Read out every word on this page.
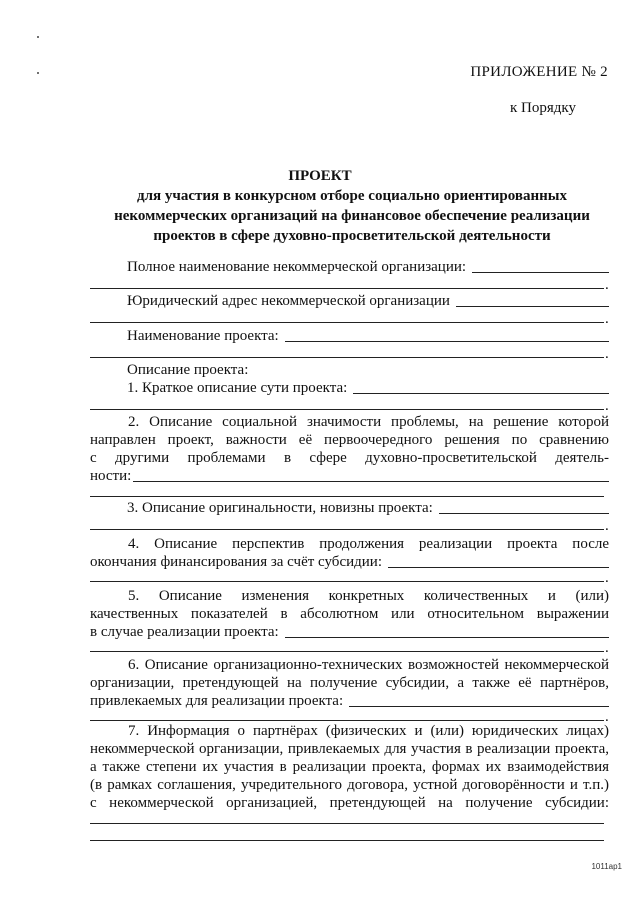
ПРИЛОЖЕНИЕ № 2
к Порядку
ПРОЕКТ
для участия в конкурсном отборе социально ориентированных
некоммерческих организаций на финансовое обеспечение реализации
проектов в сфере духовно-просветительской деятельности
Полное наименование некоммерческой организации:
.
Юридический адрес некоммерческой организации
.
Наименование проекта:
.
Описание проекта:
1. Краткое описание сути проекта:
.
2. Описание социальной значимости проблемы, на решение которой
направлен проект, важности её первоочередного решения по сравнению
с другими проблемами в сфере духовно-просветительской деятель-
ности:
3. Описание оригинальности, новизны проекта:
.
4. Описание перспектив продолжения реализации проекта после
окончания финансирования за счёт субсидии:
.
5. Описание изменения конкретных количественных и (или)
качественных показателей в абсолютном или относительном выражении
в случае реализации проекта:
.
6. Описание организационно-технических возможностей некоммерческой
организации, претендующей на получение субсидии, а также её партнёров,
привлекаемых для реализации проекта:
.
7. Информация о партнёрах (физических и (или) юридических лицах)
некоммерческой организации, привлекаемых для участия в реализации проекта,
а также степени их участия в реализации проекта, формах их взаимодействия
(в рамках соглашения, учредительного договора, устной договорённости и т.п.)
с некоммерческой организацией, претендующей на получение субсидии:
1011ap1
